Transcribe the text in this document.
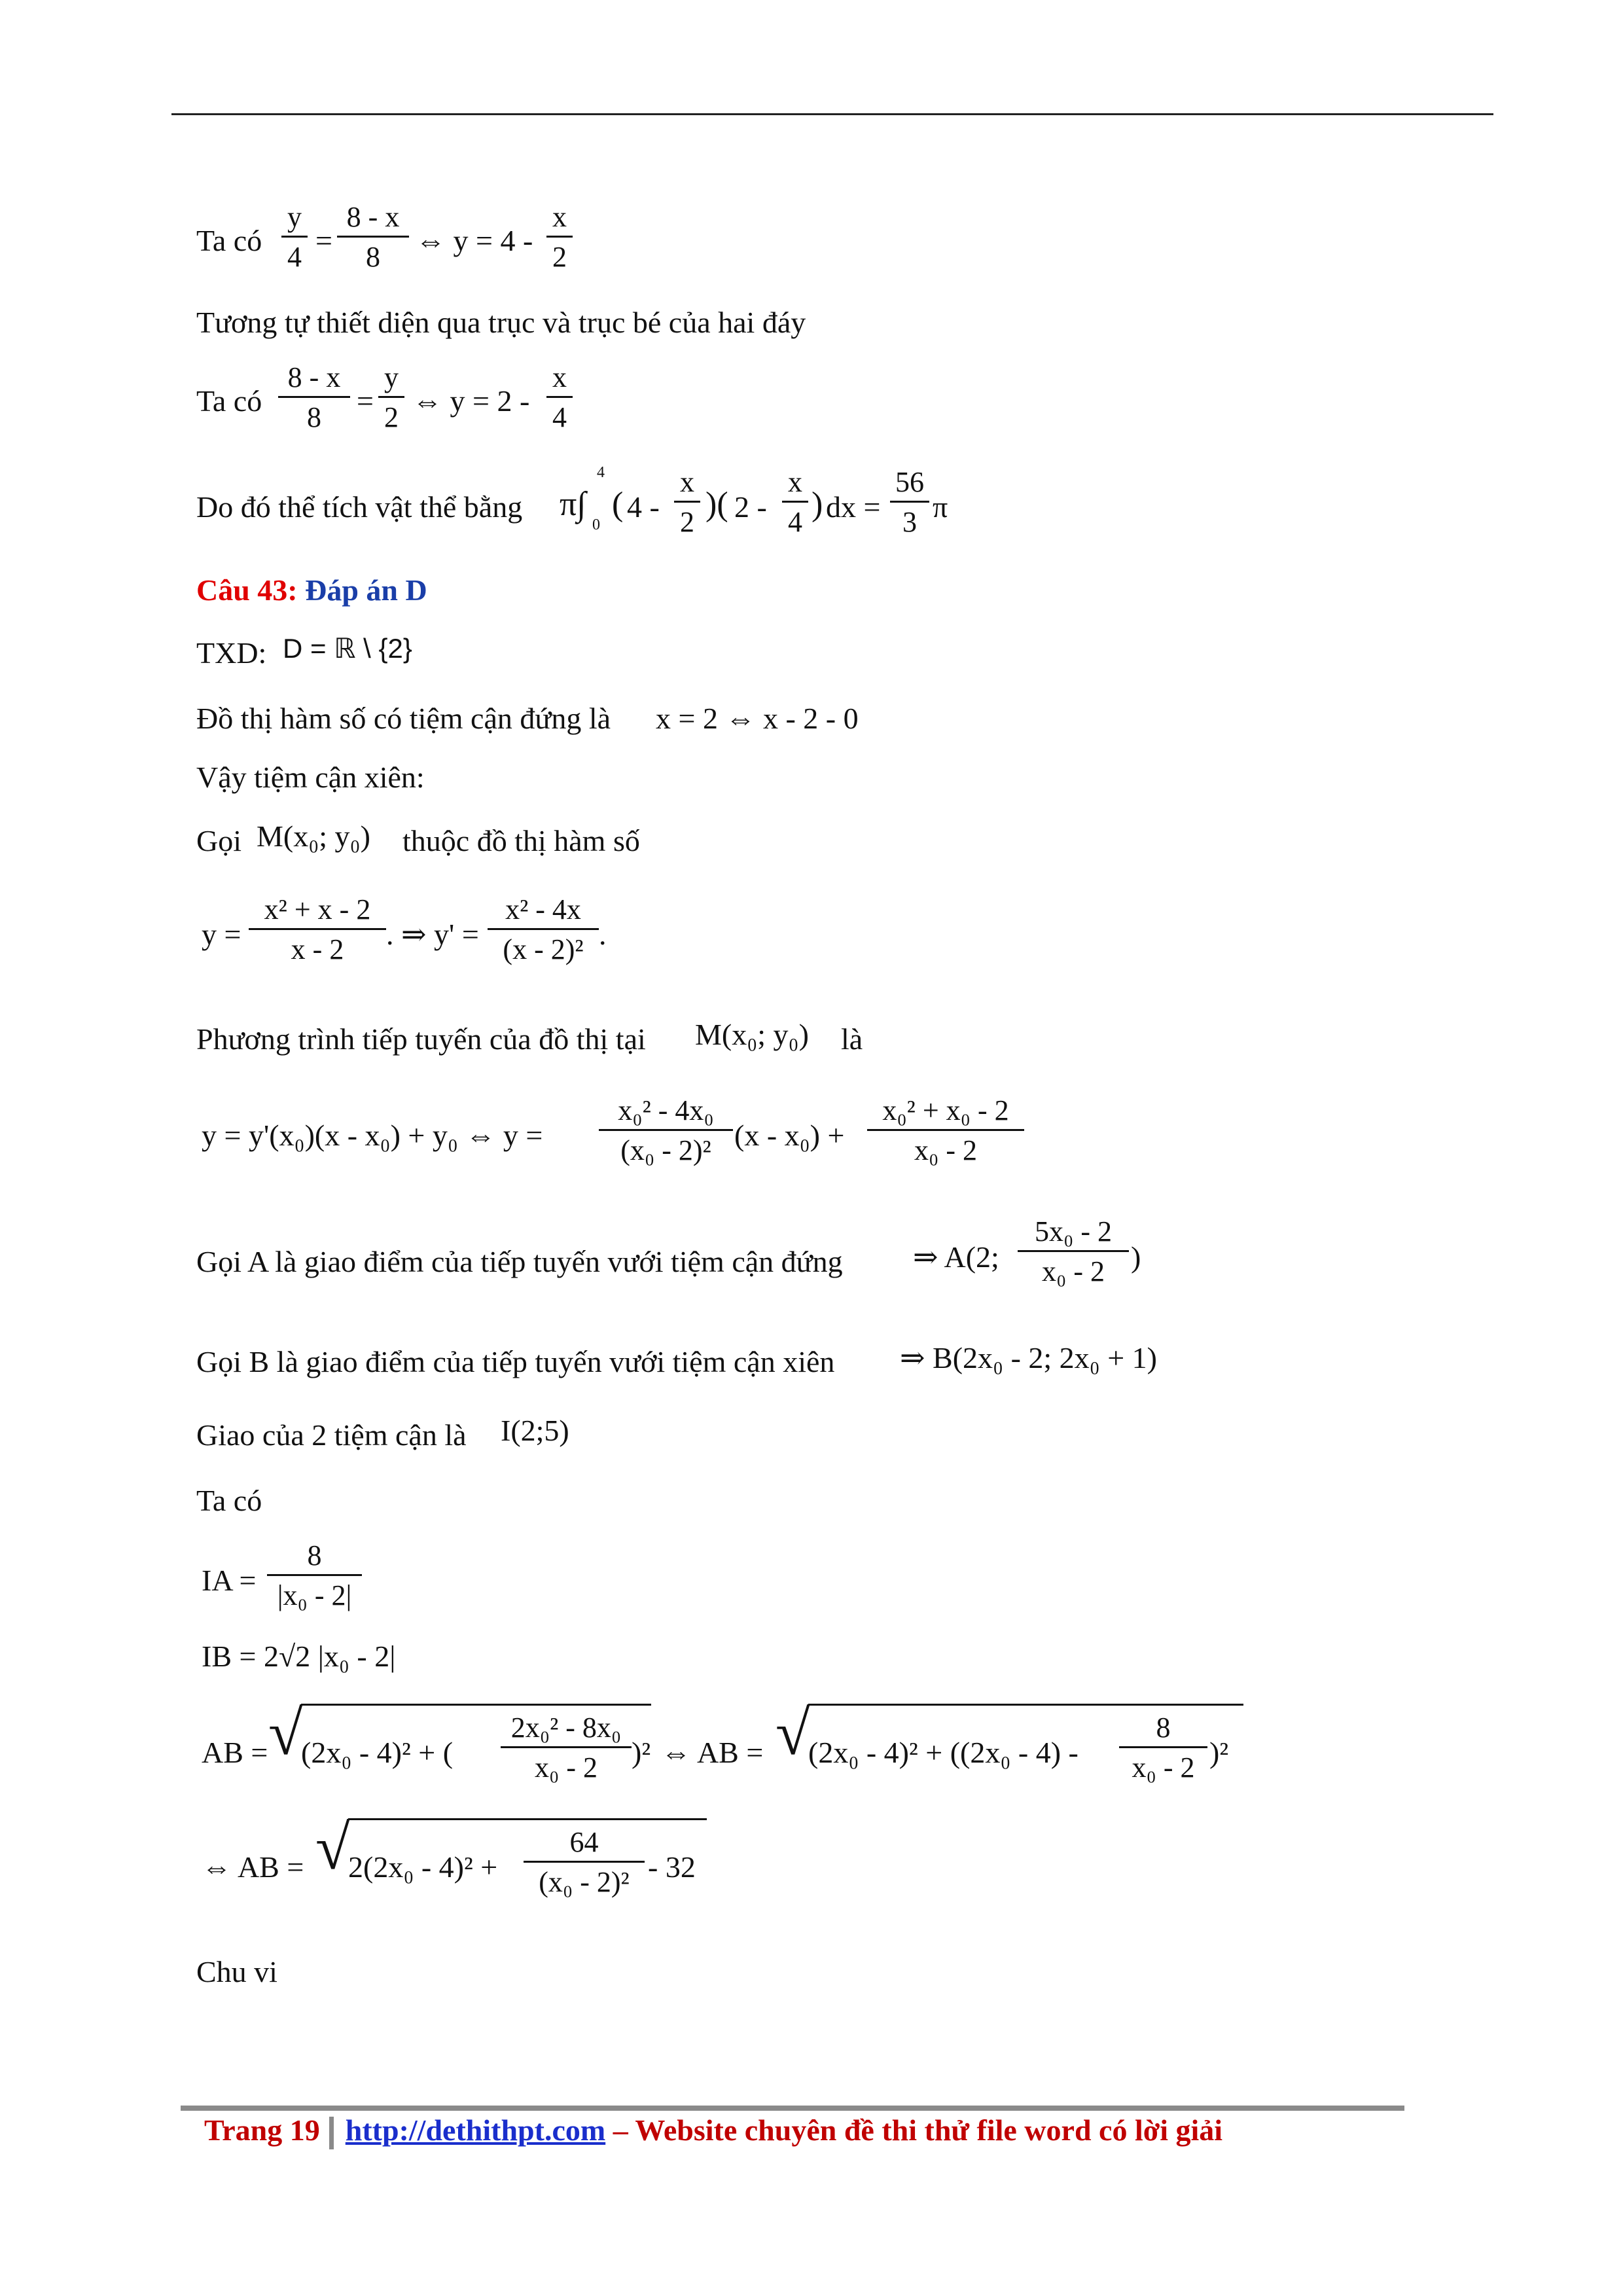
Ta có
y
4 =
8 - x
8	⇔ y = 4 -
x
2
Tương tự thiết diện qua trục và trục bé của hai đáy
Ta có
8 - x
8	=
y
2 ⇔ y = 2 -
x
4
Do đó thể tích vật thể bằng π∫
4
0
( 4 -
x
2 )( 2 -
x
4 ) dx =
56
3 π
Câu 43: Đáp án D
TXD: D = ℝ \ {2}
Đồ thị hàm số có tiệm cận đứng là x = 2 ⇔ x - 2 - 0
Vậy tiệm cận xiên:
Gọi M(x₀; y₀) thuộc đồ thị hàm số
y =
x² + x - 2
x - 2	. ⇒ y' =
x² - 4x
(x - 2)² .
Phương trình tiếp tuyến của đồ thị tại M(x₀; y₀) là
y = y'(x₀)(x - x₀) + y₀ ⇔ y =
x₀² - 4x₀
(x₀ - 2)² (x - x₀) +
x₀² + x₀ - 2
x₀ - 2
Gọi A là giao điểm của tiếp tuyến vưới tiệm cận đứng ⇒ A(2;
5x₀ - 2
x₀ - 2 )
Gọi B là giao điểm của tiếp tuyến vưới tiệm cận xiên ⇒ B(2x₀ - 2; 2x₀ + 1)
Giao của 2 tiệm cận là I(2;5)
Ta có
IA =
8
|x₀ - 2|
IB = 2√2 |x₀ - 2|
AB = √
(2x₀ - 4)² + (
2x₀² - 8x₀
x₀ - 2	)² ⇔ AB = √
(2x₀ - 4)² + ((2x₀ - 4) -
8
x₀ - 2 )²
⇔ AB = √
2(2x₀ - 4)² +
64
(x₀ - 2)² - 32
Chu vi
Trang 19 http://dethithpt.com – Website chuyên đề thi thử file word có lời giải
